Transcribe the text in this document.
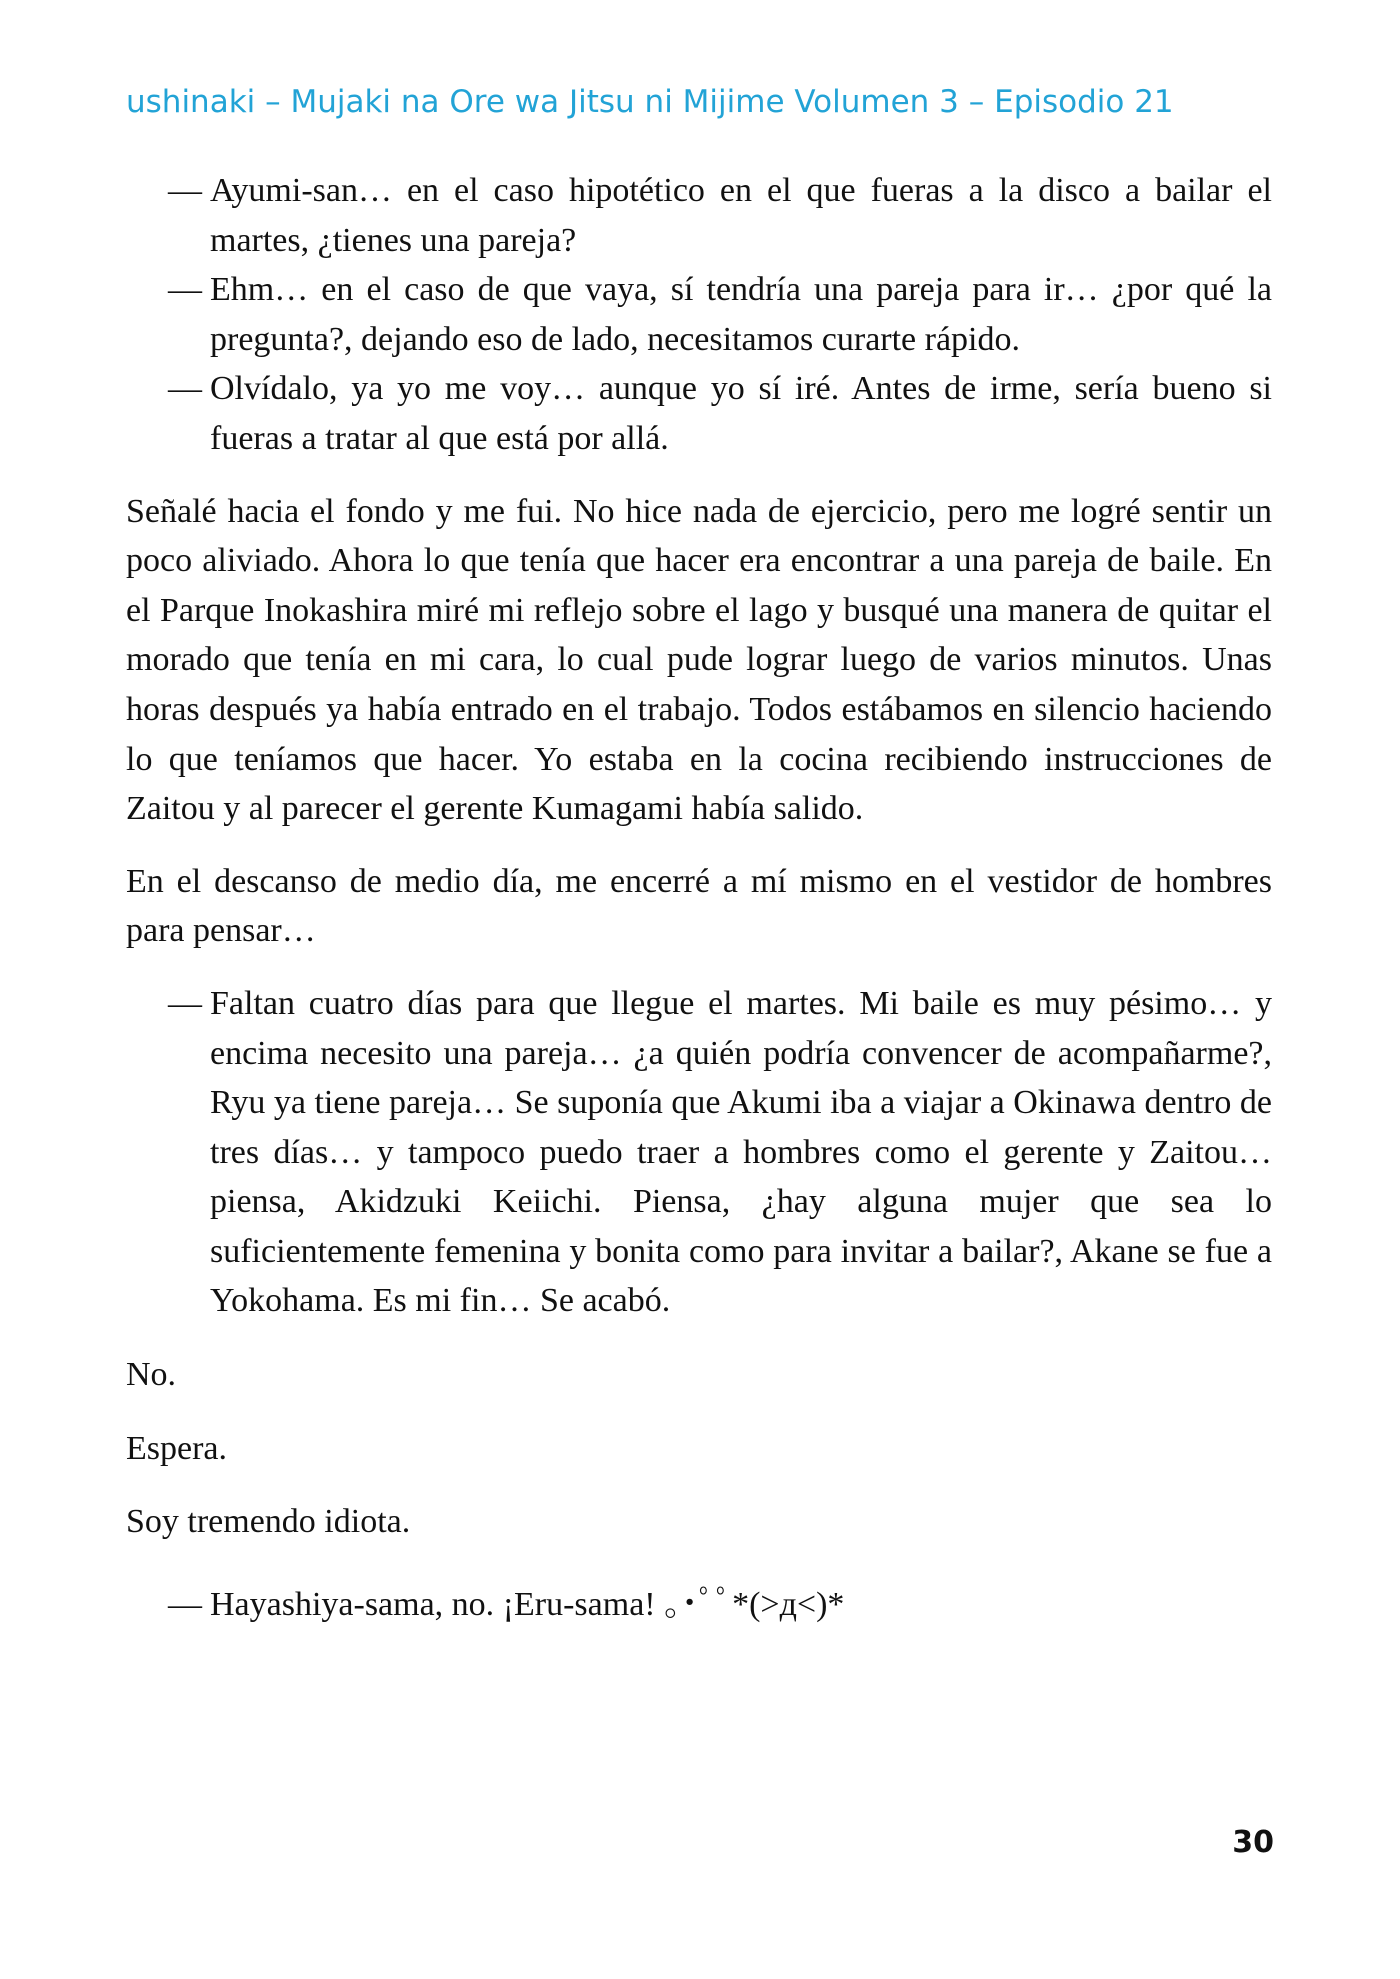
ushinaki – Mujaki na Ore wa Jitsu ni Mijime Volumen 3 – Episodio 21
— Ayumi-san… en el caso hipotético en el que fueras a la disco a bailar el martes, ¿tienes una pareja?
— Ehm… en el caso de que vaya, sí tendría una pareja para ir… ¿por qué la pregunta?, dejando eso de lado, necesitamos curarte rápido.
— Olvídalo, ya yo me voy… aunque yo sí iré. Antes de irme, sería bueno si fueras a tratar al que está por allá.

Señalé hacia el fondo y me fui. No hice nada de ejercicio, pero me logré sentir un poco aliviado. Ahora lo que tenía que hacer era encontrar a una pareja de baile. En el Parque Inokashira miré mi reflejo sobre el lago y busqué una manera de quitar el morado que tenía en mi cara, lo cual pude lograr luego de varios minutos. Unas horas después ya había entrado en el trabajo. Todos estábamos en silencio haciendo lo que teníamos que hacer. Yo estaba en la cocina recibiendo instrucciones de Zaitou y al parecer el gerente Kumagami había salido.

En el descanso de medio día, me encerré a mí mismo en el vestidor de hombres para pensar…

— Faltan cuatro días para que llegue el martes. Mi baile es muy pésimo… y encima necesito una pareja… ¿a quién podría convencer de acompañarme?, Ryu ya tiene pareja… Se suponía que Akumi iba a viajar a Okinawa dentro de tres días… y tampoco puedo traer a hombres como el gerente y Zaitou… piensa, Akidzuki Keiichi. Piensa, ¿hay alguna mujer que sea lo suficientemente femenina y bonita como para invitar a bailar?, Akane se fue a Yokohama. Es mi fin… Se acabó.

No.

Espera.

Soy tremendo idiota.

— Hayashiya-sama, no. ¡Eru-sama! ｡･ﾟﾟ*(>д<)*ﾟﾟ･｡
30
